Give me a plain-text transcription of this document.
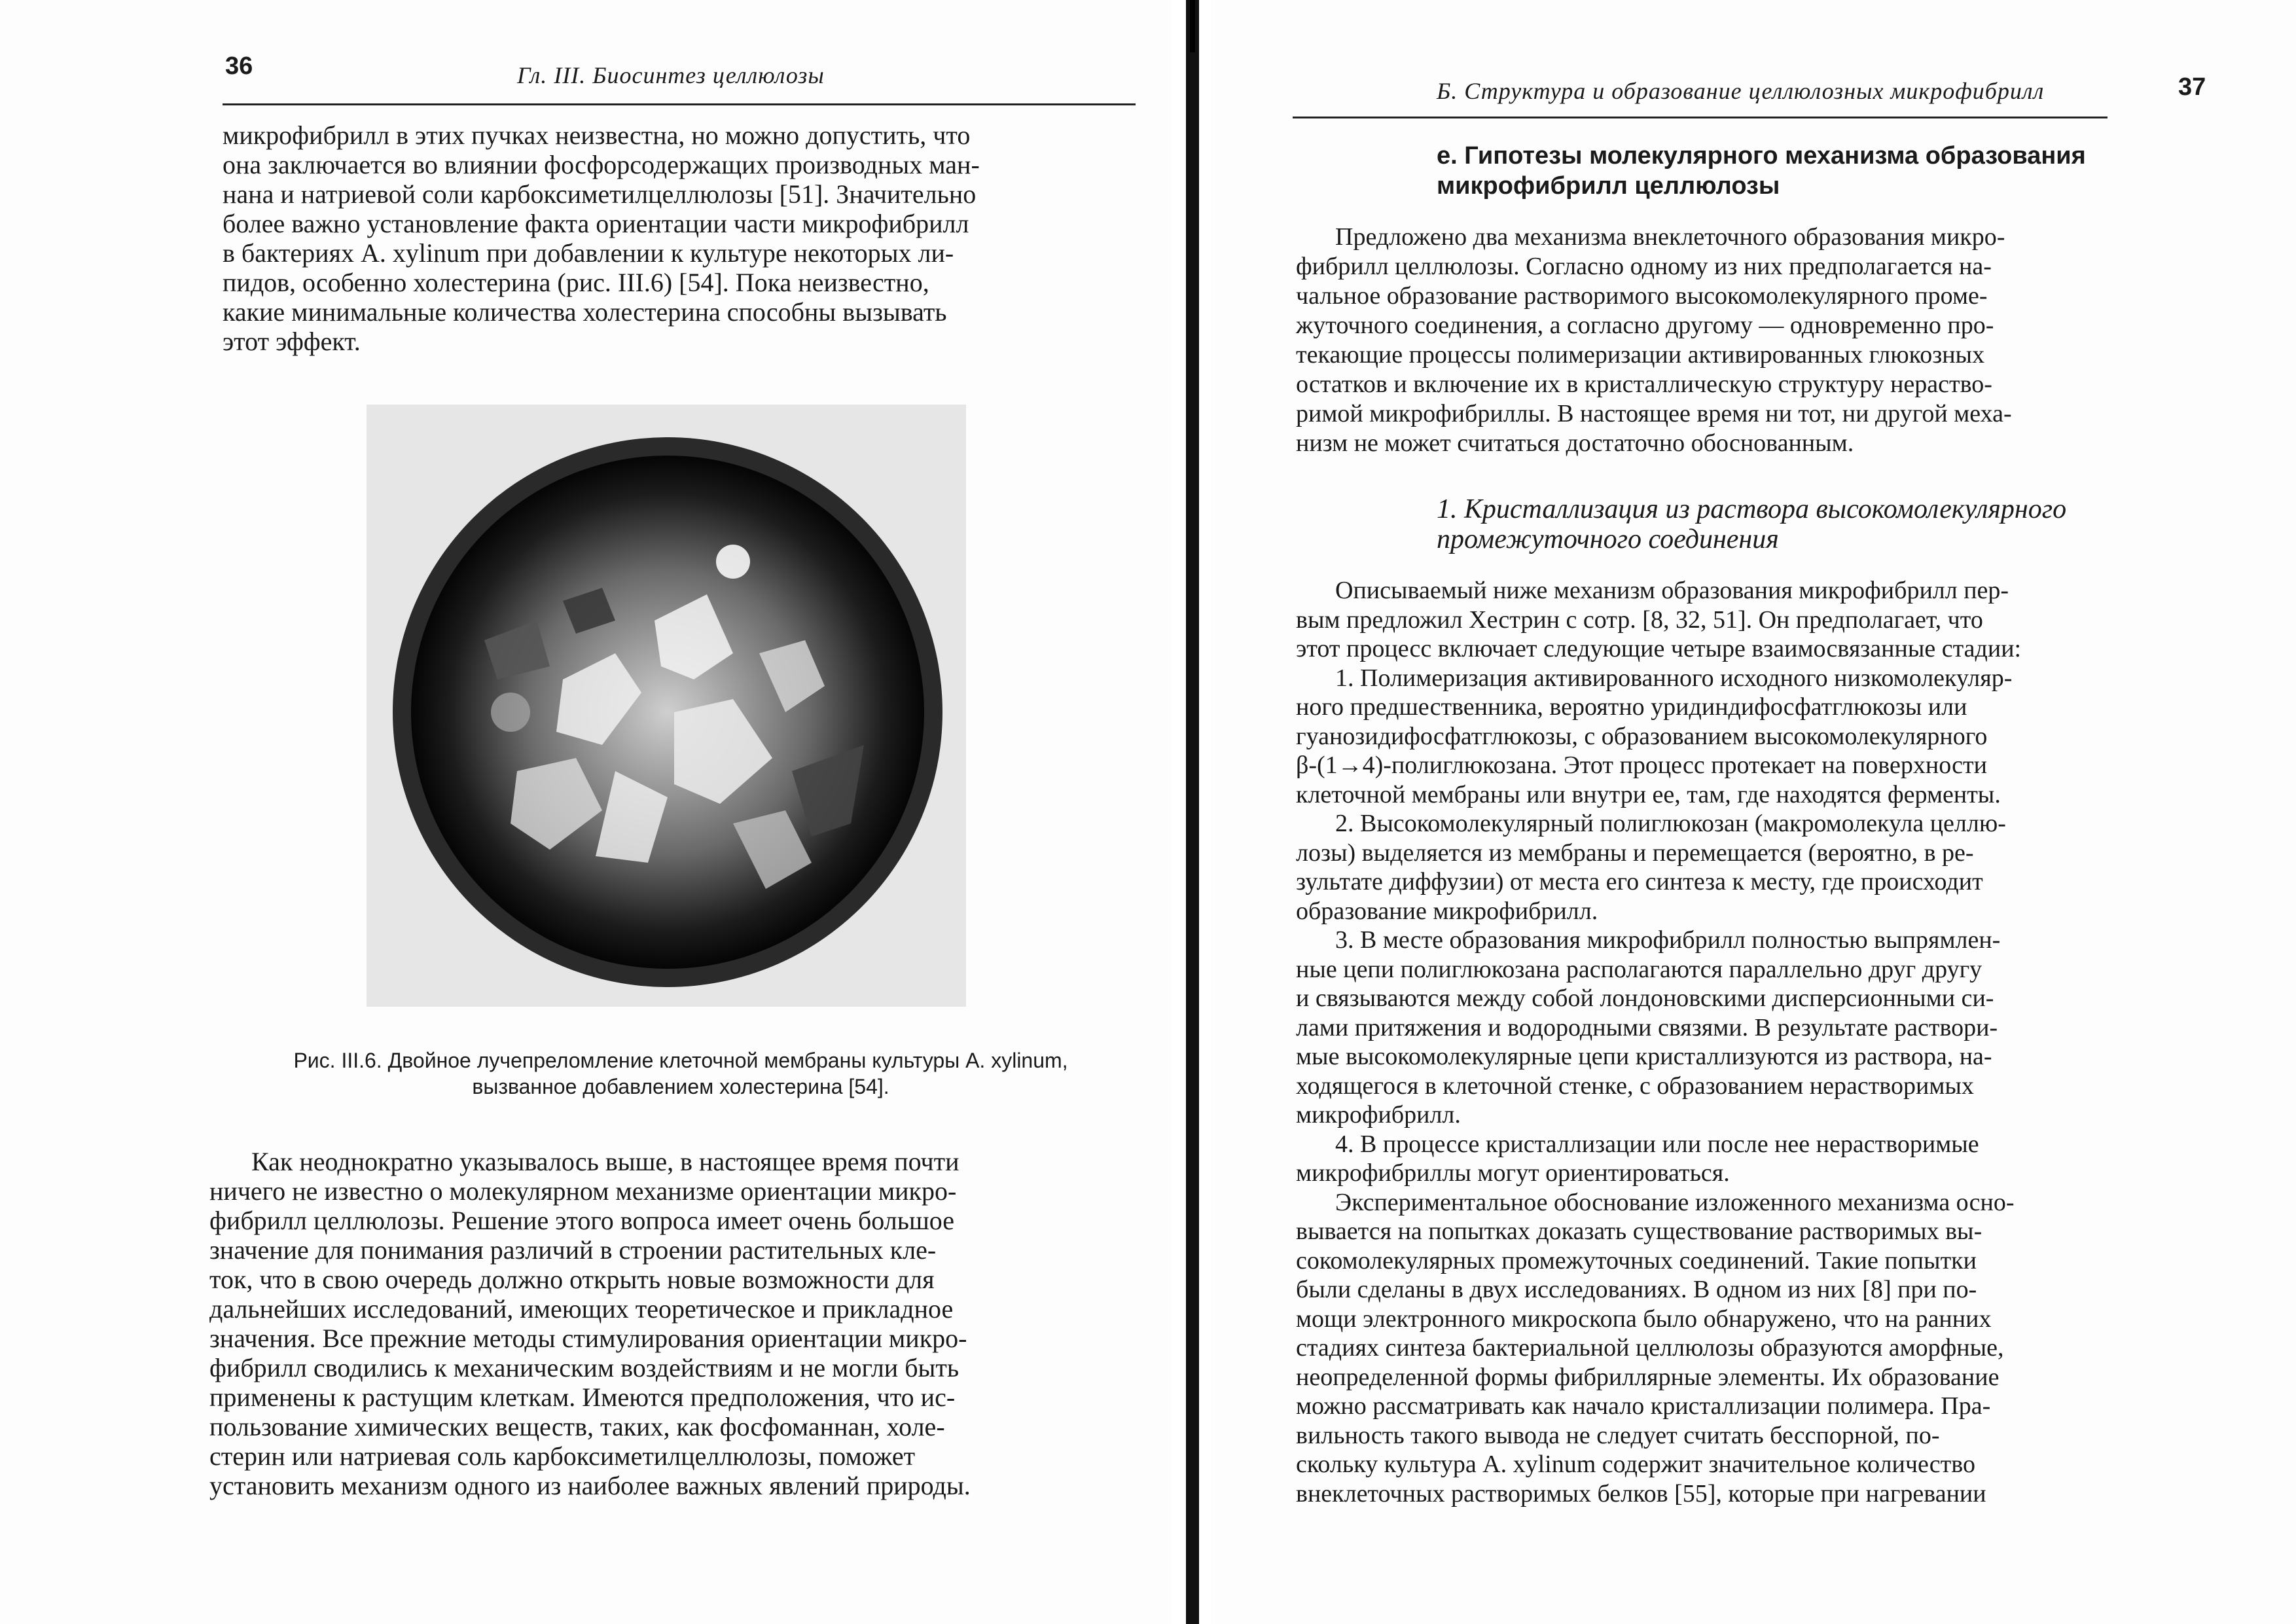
36	Гл. III. Биосинтез целлюлозы
микрофибрилл в этих пучках неизвестна, но можно допустить, что
она заключается во влиянии фосфорсодержащих производных ман-
нана и натриевой соли карбоксиметилцеллюлозы [51]. Значительно
более важно установление факта ориентации части микрофибрилл
в бактериях A. xylinum при добавлении к культуре некоторых ли-
пидов, особенно холестерина (рис. III.6) [54]. Пока неизвестно,
какие минимальные количества холестерина способны вызывать
этот эффект.
Рис. III.6. Двойное лучепреломление клеточной мембраны культуры A. xylinum,
вызванное добавлением холестерина [54].
Как неоднократно указывалось выше, в настоящее время почти
ничего не известно о молекулярном механизме ориентации микро-
фибрилл целлюлозы. Решение этого вопроса имеет очень большое
значение для понимания различий в строении растительных кле-
ток, что в свою очередь должно открыть новые возможности для
дальнейших исследований, имеющих теоретическое и прикладное
значения. Все прежние методы стимулирования ориентации микро-
фибрилл сводились к механическим воздействиям и не могли быть
применены к растущим клеткам. Имеются предположения, что ис-
пользование химических веществ, таких, как фосфоманнан, холе-
стерин или натриевая соль карбоксиметилцеллюлозы, поможет
установить механизм одного из наиболее важных явлений природы.
Б. Структура и образование целлюлозных микрофибрилл	37
е. Гипотезы молекулярного механизма образования
микрофибрилл целлюлозы
Предложено два механизма внеклеточного образования микро-
фибрилл целлюлозы. Согласно одному из них предполагается на-
чальное образование растворимого высокомолекулярного проме-
жуточного соединения, а согласно другому — одновременно про-
текающие процессы полимеризации активированных глюкозных
остатков и включение их в кристаллическую структуру нераство-
римой микрофибриллы. В настоящее время ни тот, ни другой меха-
низм не может считаться достаточно обоснованным.
1. Кристаллизация из раствора высокомолекулярного
промежуточного соединения
Описываемый ниже механизм образования микрофибрилл пер-
вым предложил Хестрин с сотр. [8, 32, 51]. Он предполагает, что
этот процесс включает следующие четыре взаимосвязанные стадии:
1. Полимеризация активированного исходного низкомолекуляр-
ного предшественника, вероятно уридиндифосфатглюкозы или
гуанозидифосфатглюкозы, с образованием высокомолекулярного
β-(1→4)-полиглюкозана. Этот процесс протекает на поверхности
клеточной мембраны или внутри ее, там, где находятся ферменты.
2. Высокомолекулярный полиглюкозан (макромолекула целлю-
лозы) выделяется из мембраны и перемещается (вероятно, в ре-
зультате диффузии) от места его синтеза к месту, где происходит
образование микрофибрилл.
3. В месте образования микрофибрилл полностью выпрямлен-
ные цепи полиглюкозана располагаются параллельно друг другу
и связываются между собой лондоновскими дисперсионными си-
лами притяжения и водородными связями. В результате раствори-
мые высокомолекулярные цепи кристаллизуются из раствора, на-
ходящегося в клеточной стенке, с образованием нерастворимых
микрофибрилл.
4. В процессе кристаллизации или после нее нерастворимые
микрофибриллы могут ориентироваться.
Экспериментальное обоснование изложенного механизма осно-
вывается на попытках доказать существование растворимых вы-
сокомолекулярных промежуточных соединений. Такие попытки
были сделаны в двух исследованиях. В одном из них [8] при по-
мощи электронного микроскопа было обнаружено, что на ранних
стадиях синтеза бактериальной целлюлозы образуются аморфные,
неопределенной формы фибриллярные элементы. Их образование
можно рассматривать как начало кристаллизации полимера. Пра-
вильность такого вывода не следует считать бесспорной, по-
скольку культура A. xylinum содержит значительное количество
внеклеточных растворимых белков [55], которые при нагревании
